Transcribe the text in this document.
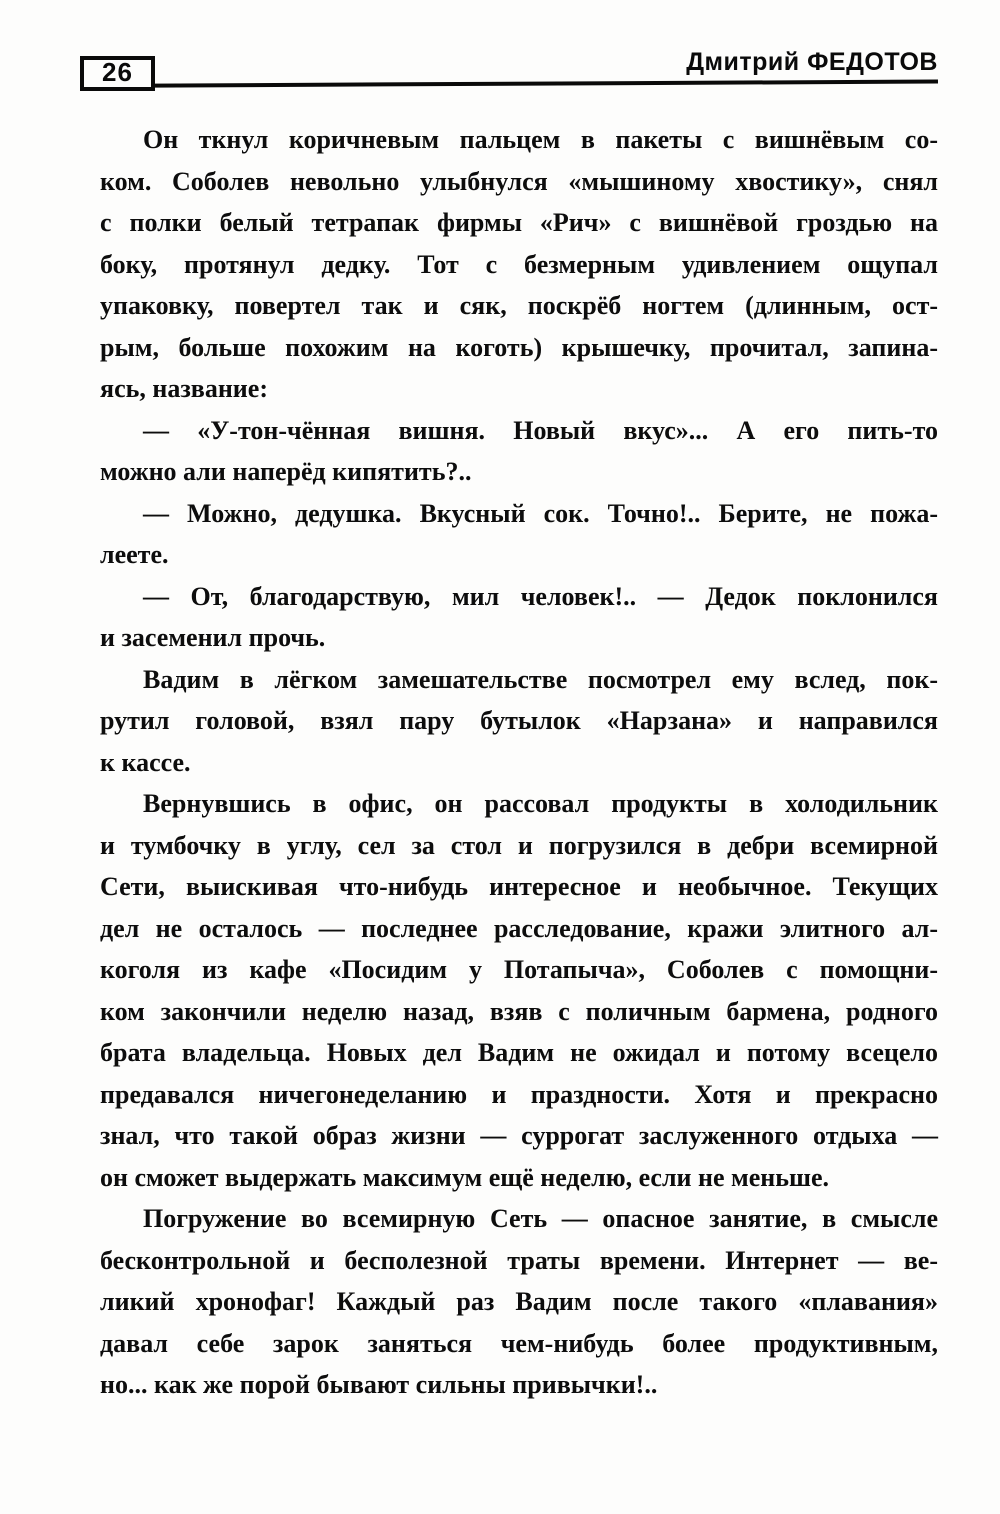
26	Дмитрий ФЕДОТОВ
Он ткнул коричневым пальцем в пакеты с вишнёвым со-
ком. Соболев невольно улыбнулся «мышиному хвостику», снял
с полки белый тетрапак фирмы «Рич» с вишнёвой гроздью на
боку, протянул дедку. Тот с безмерным удивлением ощупал
упаковку, повертел так и сяк, поскрёб ногтем (длинным, ост-
рым, больше похожим на коготь) крышечку, прочитал, запина-
ясь, название:
— «У-тон-чённая вишня. Новый вкус»... А его пить-то
можно али наперёд кипятить?..
— Можно, дедушка. Вкусный сок. Точно!.. Берите, не пожа-
леете.
— От, благодарствую, мил человек!.. — Дедок поклонился
и засеменил прочь.
Вадим в лёгком замешательстве посмотрел ему вслед, пок-
рутил головой, взял пару бутылок «Нарзана» и направился
к кассе.
Вернувшись в офис, он рассовал продукты в холодильник
и тумбочку в углу, сел за стол и погрузился в дебри всемирной
Сети, выискивая что-нибудь интересное и необычное. Текущих
дел не осталось — последнее расследование, кражи элитного ал-
коголя из кафе «Посидим у Потапыча», Соболев с помощни-
ком закончили неделю назад, взяв с поличным бармена, родного
брата владельца. Новых дел Вадим не ожидал и потому всецело
предавался ничегонеделанию и праздности. Хотя и прекрасно
знал, что такой образ жизни — суррогат заслуженного отдыха —
он сможет выдержать максимум ещё неделю, если не меньше.
Погружение во всемирную Сеть — опасное занятие, в смысле
бесконтрольной и бесполезной траты времени. Интернет — ве-
ликий хронофаг! Каждый раз Вадим после такого «плавания»
давал себе зарок заняться чем-нибудь более продуктивным,
но... как же порой бывают сильны привычки!..
